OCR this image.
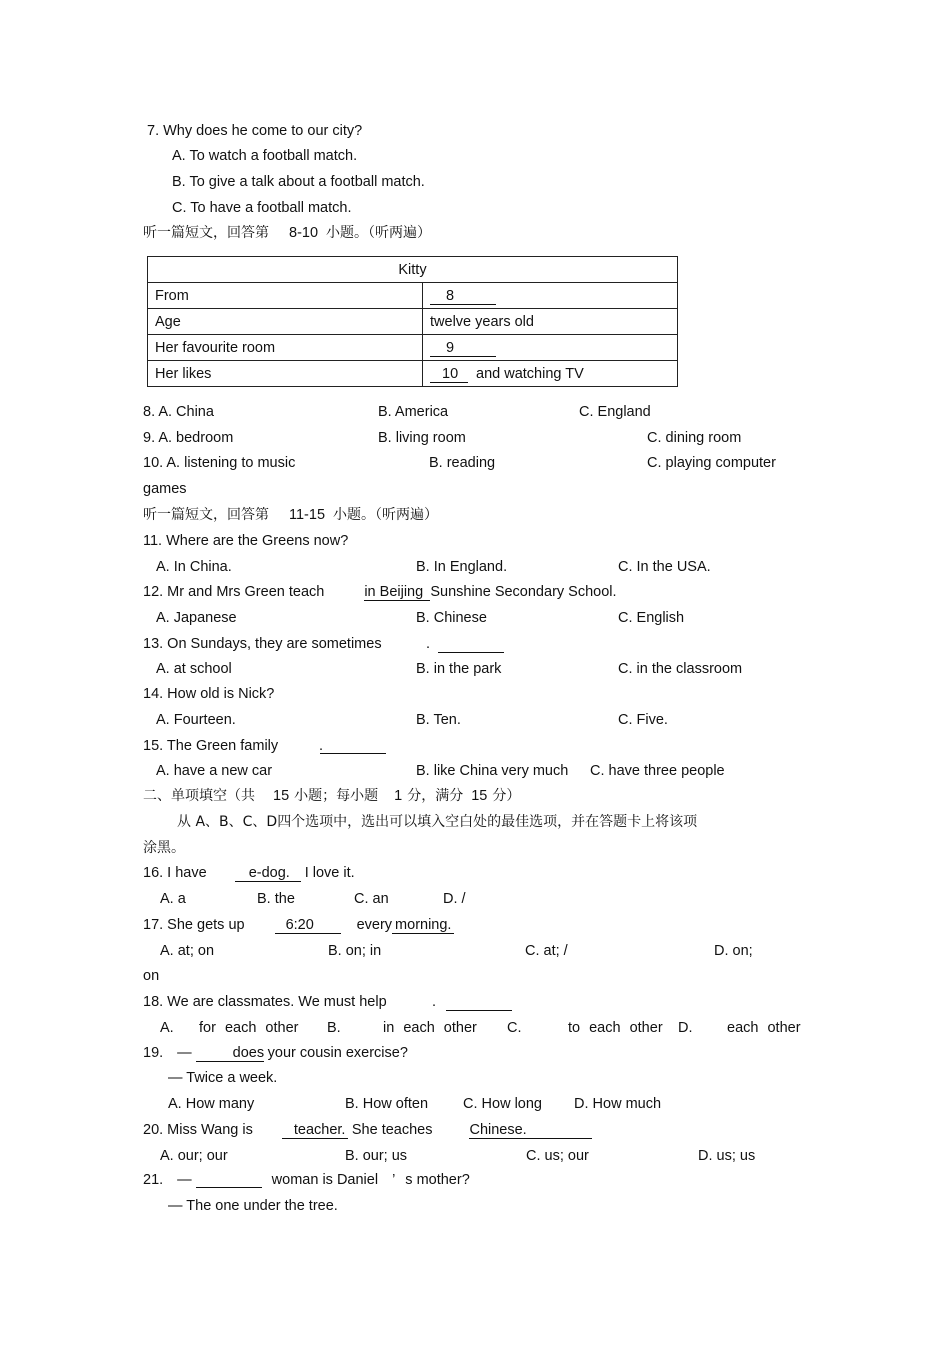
7. Why does he come to our city?
A. To watch a football match.
B. To give a talk about a football match.
C. To have a football match.
听一篇短文，回答第 8-10 小题。（听两遍）
Kitty	
From	8
Age	twelve years old
Her favourite room	9
Her likes	10 and watching TV
8. A. China	B. America	C. England
9. A. bedroom	B. living room	C. dining room
10. A. listening to music	B. reading	C. playing computer
games
听一篇短文，回答第 11-15 小题。（听两遍）
11. Where are the Greens now?
A. In China.	B. In England.	C. In the USA.
12. Mr and Mrs Green teach	in Beijing Sunshine Secondary School.
A. Japanese	B. Chinese	C. English
13. On Sundays, they are sometimes	.
A. at school	B. in the park	C. in the classroom
14. How old is Nick?
A. Fourteen.	B. Ten.	C. Five.
15. The Green family	.
A. have a new car	B. like China very much C. have three people
二、单项填空（共 15 小题；每小题 1 分，满分 15 分）
从 A、B、C、D四个选项中，选出可以填入空白处的最佳选项，并在答题卡上将该项
涂黑。
16. I have	e-dog. I love it.
A. a	B. the	C. an	D. /
17. She gets up	6:20	every morning.
A. at; on	B. on; in	C. at; /	D. on;
on
18. We are classmates. We must help	.
A. for each other B.	in each other C.	to each other D. each other
19. —	does your cousin exercise?
— Twice a week.
A. How many	B. How often C. How long D. How much
20. Miss Wang is	teacher. She teaches	Chinese.
A. our; our	B. our; us	C. us; our	D. us; us
21. —	woman is Daniel ’ s mother?
— The one under the tree.
